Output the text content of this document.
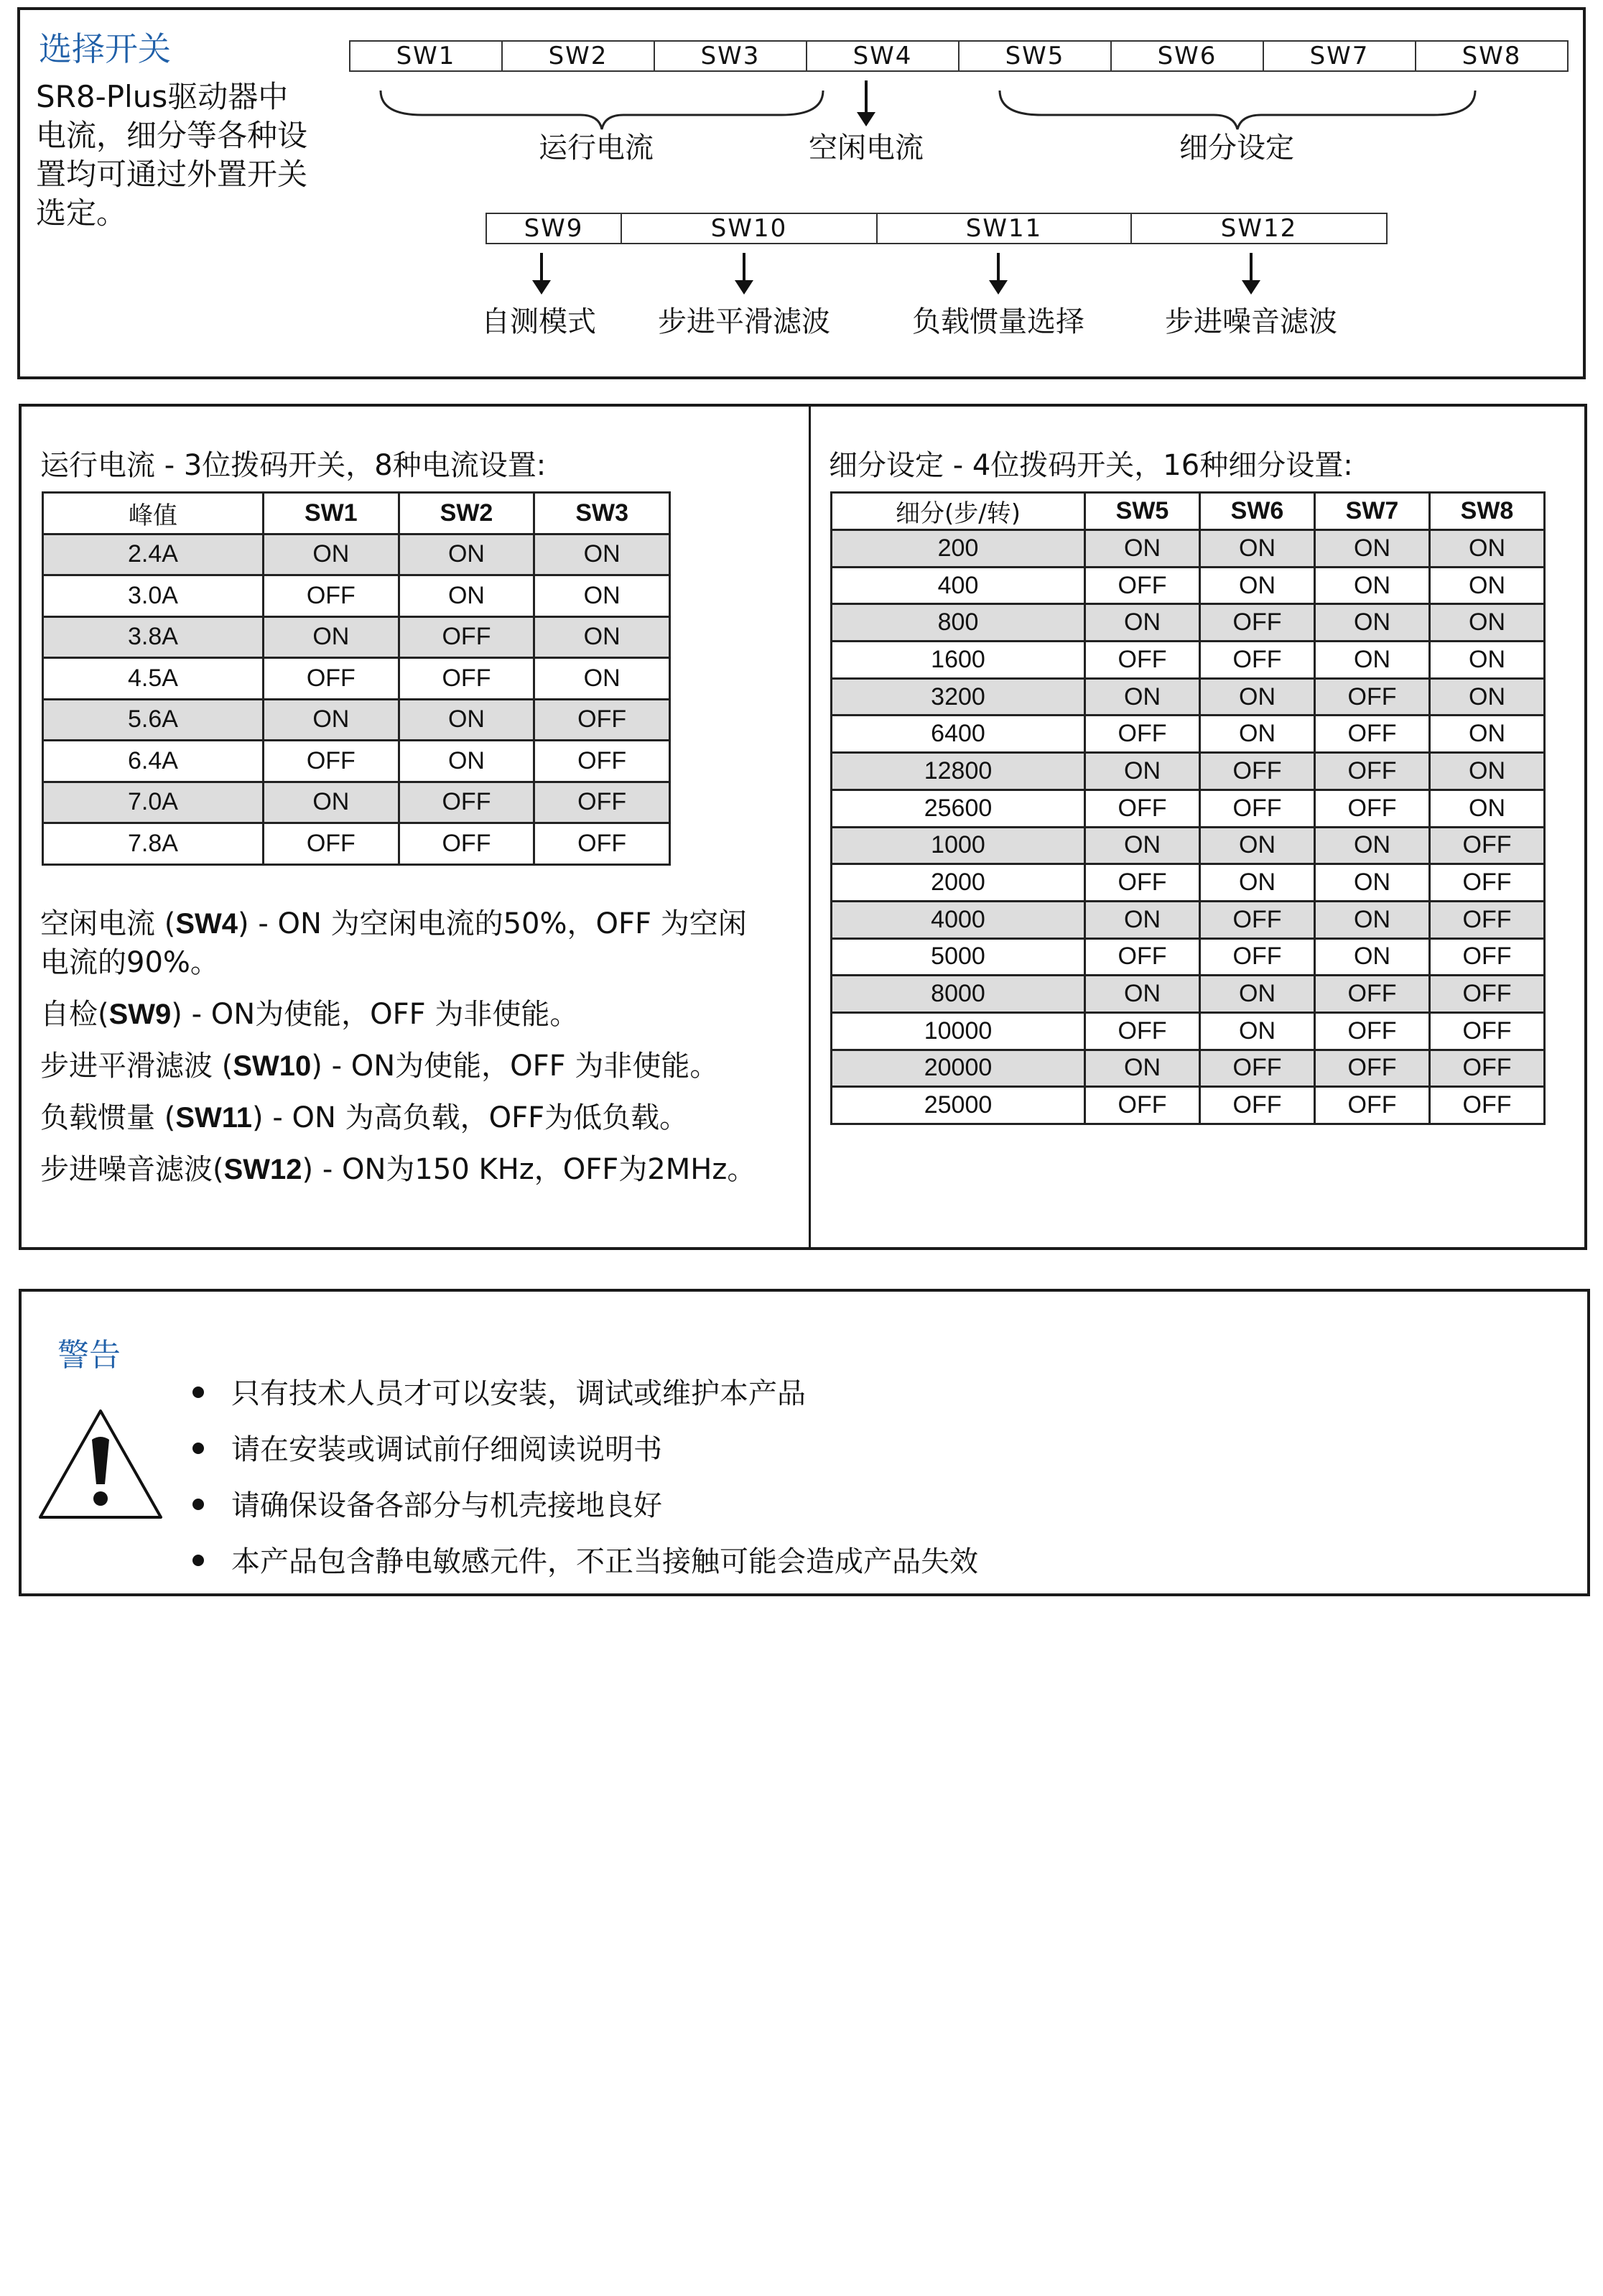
选择开关
SR8-Plus驱动器中电流，细分等各种设置均可通过外置开关选定。
SW1	SW2	SW3	SW4	SW5	SW6	SW7	SW8
运行电流	空闲电流	细分设定
SW9	SW10	SW11	SW12
自测模式 步进平滑滤波	负载惯量选择	步进噪音滤波
运行电流 - 3位拨码开关，8种电流设置:
峰值	SW1	SW2	SW3
2.4A	ON	ON	ON
3.0A	OFF	ON	ON
3.8A	ON	OFF	ON
4.5A	OFF	OFF	ON
5.6A	ON	ON	OFF
6.4A	OFF	ON	OFF
7.0A	ON	OFF	OFF
7.8A	OFF	OFF	OFF
空闲电流 (SW4) - ON 为空闲电流的50%，OFF 为空闲
电流的90%。
自检(SW9) - ON为使能，OFF 为非使能。
步进平滑滤波 (SW10) - ON为使能，OFF 为非使能。
负载惯量 (SW11) - ON 为高负载，OFF为低负载。
步进噪音滤波(SW12) - ON为150 KHz，OFF为2MHz。
细分设定 - 4位拨码开关，16种细分设置:
细分(步/转)	SW5	SW6	SW7	SW8
200	ON	ON	ON	ON
400	OFF	ON	ON	ON
800	ON	OFF	ON	ON
1600	OFF	OFF	ON	ON
3200	ON	ON	OFF	ON
6400	OFF	ON	OFF	ON
12800	ON	OFF	OFF	ON
25600	OFF	OFF	OFF	ON
1000	ON	ON	ON	OFF
2000	OFF	ON	ON	OFF
4000	ON	OFF	ON	OFF
5000	OFF	OFF	ON	OFF
8000	ON	ON	OFF	OFF
10000	OFF	ON	OFF	OFF
20000	ON	OFF	OFF	OFF
25000	OFF	OFF	OFF	OFF
警告
只有技术人员才可以安装，调试或维护本产品
请在安装或调试前仔细阅读说明书
请确保设备各部分与机壳接地良好
本产品包含静电敏感元件，不正当接触可能会造成产品失效
